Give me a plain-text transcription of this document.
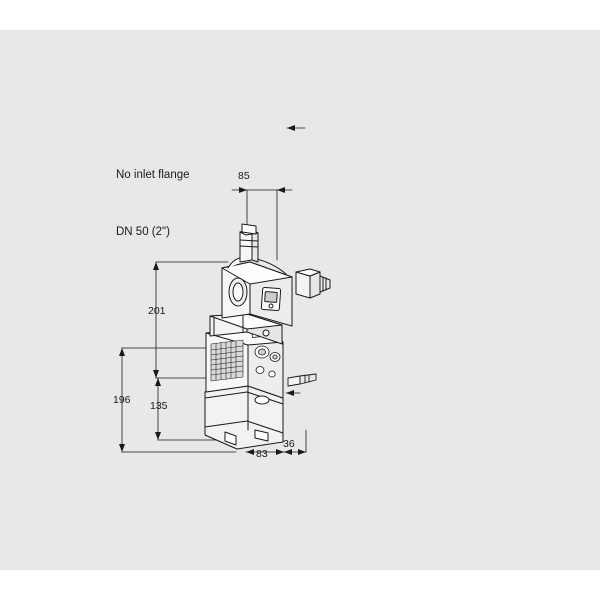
No inlet flange

DN 50 (2")

85
201
196 135
83
36
